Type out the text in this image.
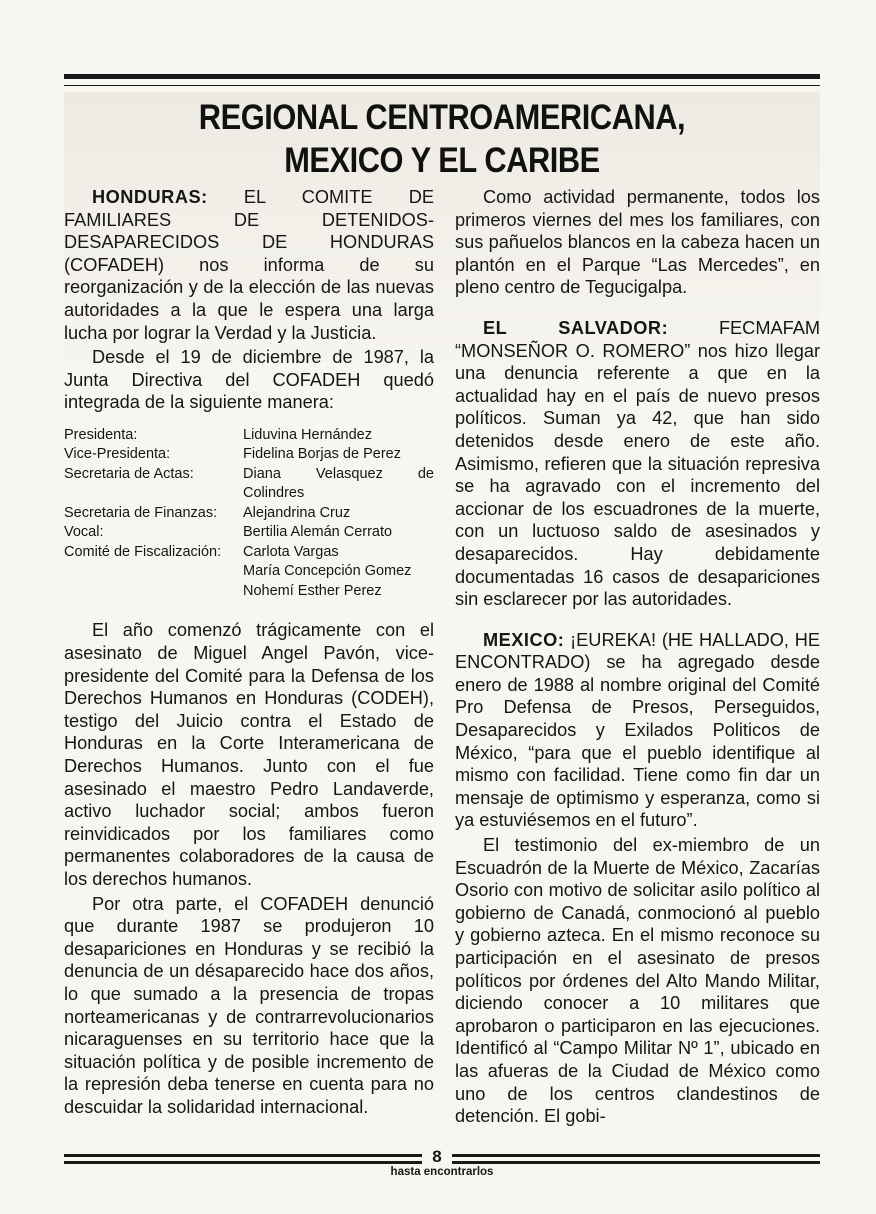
REGIONAL CENTROAMERICANA,
MEXICO Y EL CARIBE

HONDURAS: EL COMITE DE FAMILIARES DE DETENIDOS-DESAPARECIDOS DE HONDURAS (COFADEH) nos informa de su reorganización y de la elección de las nuevas autoridades a la que le espera una larga lucha por lograr la Verdad y la Justicia.

Desde el 19 de diciembre de 1987, la Junta Directiva del COFADEH quedó integrada de la siguiente manera:

Presidenta:	Liduvina Hernández
Vice-Presidenta:	Fidelina Borjas de Perez
Secretaria de Actas:	Diana Velasquez de Colindres
Secretaria de Finanzas:	Alejandrina Cruz
Vocal:	Bertilia Alemán Cerrato
Comité de Fiscalización:	Carlota Vargas
María Concepción Gomez
Nohemí Esther Perez

El año comenzó trágicamente con el asesinato de Miguel Angel Pavón, vice-presidente del Comité para la Defensa de los Derechos Humanos en Honduras (CODEH), testigo del Juicio contra el Estado de Honduras en la Corte Interamericana de Derechos Humanos. Junto con el fue asesinado el maestro Pedro Landaverde, activo luchador social; ambos fueron reinvidicados por los familiares como permanentes colaboradores de la causa de los derechos humanos.

Por otra parte, el COFADEH denunció que durante 1987 se produjeron 10 desapariciones en Honduras y se recibió la denuncia de un désaparecido hace dos años, lo que sumado a la presencia de tropas norteamericanas y de contrarrevolucionarios nicaraguenses en su territorio hace que la situación política y de posible incremento de la represión deba tenerse en cuenta para no descuidar la solidaridad internacional.

Como actividad permanente, todos los primeros viernes del mes los familiares, con sus pañuelos blancos en la cabeza hacen un plantón en el Parque “Las Mercedes”, en pleno centro de Tegucigalpa.

EL SALVADOR: FECMAFAM “MONSEÑOR O. ROMERO” nos hizo llegar una denuncia referente a que en la actualidad hay en el país de nuevo presos políticos. Suman ya 42, que han sido detenidos desde enero de este año. Asimismo, refieren que la situación represiva se ha agravado con el incremento del accionar de los escuadrones de la muerte, con un luctuoso saldo de asesinados y desaparecidos. Hay debidamente documentadas 16 casos de desapariciones sin esclarecer por las autoridades.

MEXICO: ¡EUREKA! (HE HALLADO, HE ENCONTRADO) se ha agregado desde enero de 1988 al nombre original del Comité Pro Defensa de Presos, Perseguidos, Desaparecidos y Exilados Politicos de México, “para que el pueblo identifique al mismo con facilidad. Tiene como fin dar un mensaje de optimismo y esperanza, como si ya estuviésemos en el futuro”.

El testimonio del ex-miembro de un Escuadrón de la Muerte de México, Zacarías Osorio con motivo de solicitar asilo político al gobierno de Canadá, conmocionó al pueblo y gobierno azteca. En el mismo reconoce su participación en el asesinato de presos políticos por órdenes del Alto Mando Militar, diciendo conocer a 10 militares que aprobaron o participaron en las ejecuciones. Identificó al “Campo Militar Nº 1”, ubicado en las afueras de la Ciudad de México como uno de los centros clandestinos de detención. El gobi-

8
hasta encontrarlos
